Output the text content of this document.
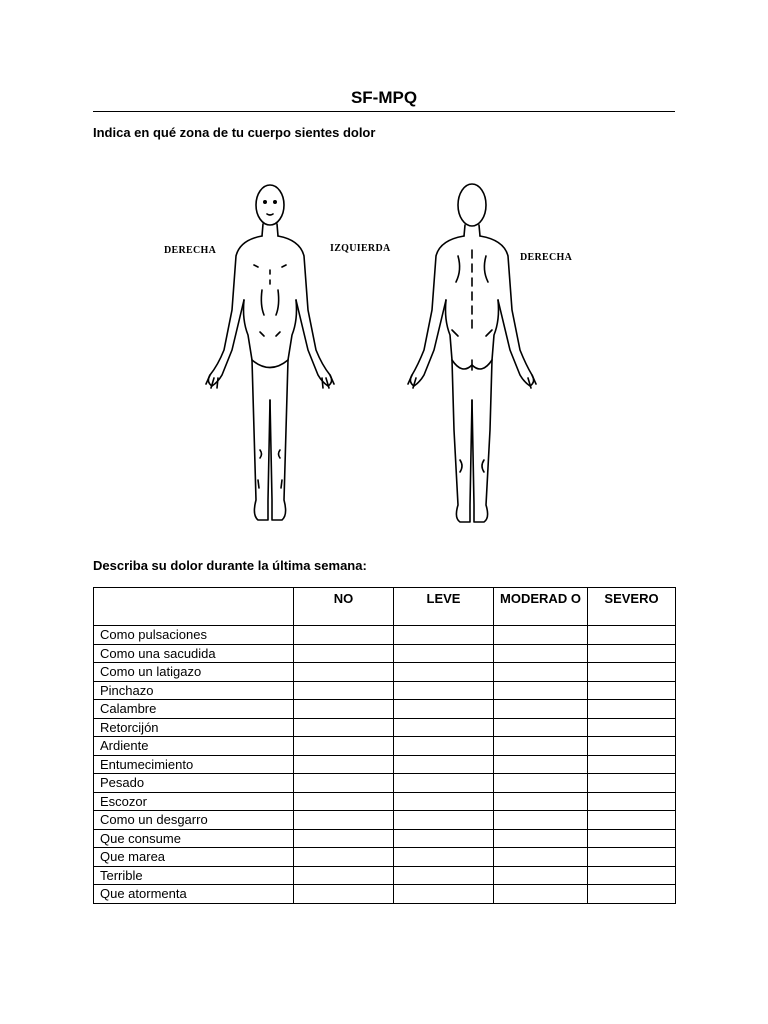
SF-MPQ
Indica en qué zona de tu cuerpo sientes dolor
DERECHA	IZQUIERDA
DERECHA
Describa su dolor durante la última semana:
	NO	LEVE	MODERAD O	SEVERO
Como pulsaciones				
Como una sacudida				
Como un latigazo				
Pinchazo				
Calambre				
Retorcijón				
Ardiente				
Entumecimiento				
Pesado				
Escozor				
Como un desgarro				
Que consume				
Que marea				
Terrible				
Que atormenta				
